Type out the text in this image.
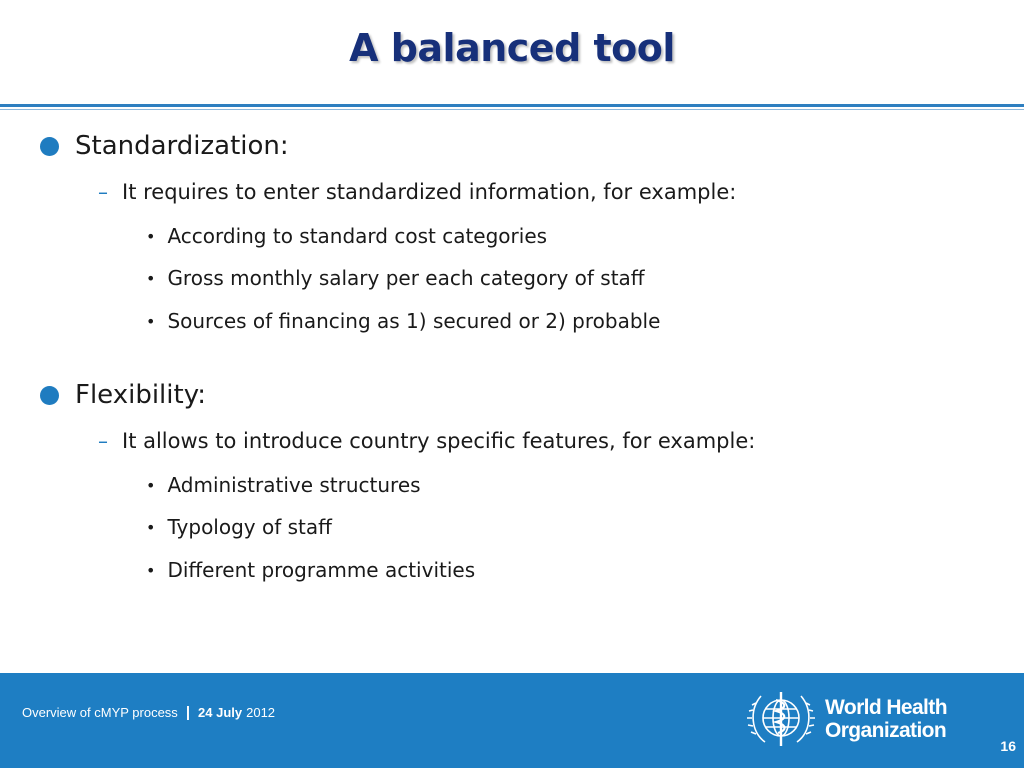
A balanced tool
Standardization:
– It requires to enter standardized information, for example:
• According to standard cost categories
• Gross monthly salary per each category of staff
• Sources of financing as 1) secured or 2) probable
Flexibility:
– It allows to introduce country specific features, for example:
• Administrative structures
• Typology of staff
• Different programme activities
Overview of cMYP process | 24 July 2012	World Health
Organization
16
